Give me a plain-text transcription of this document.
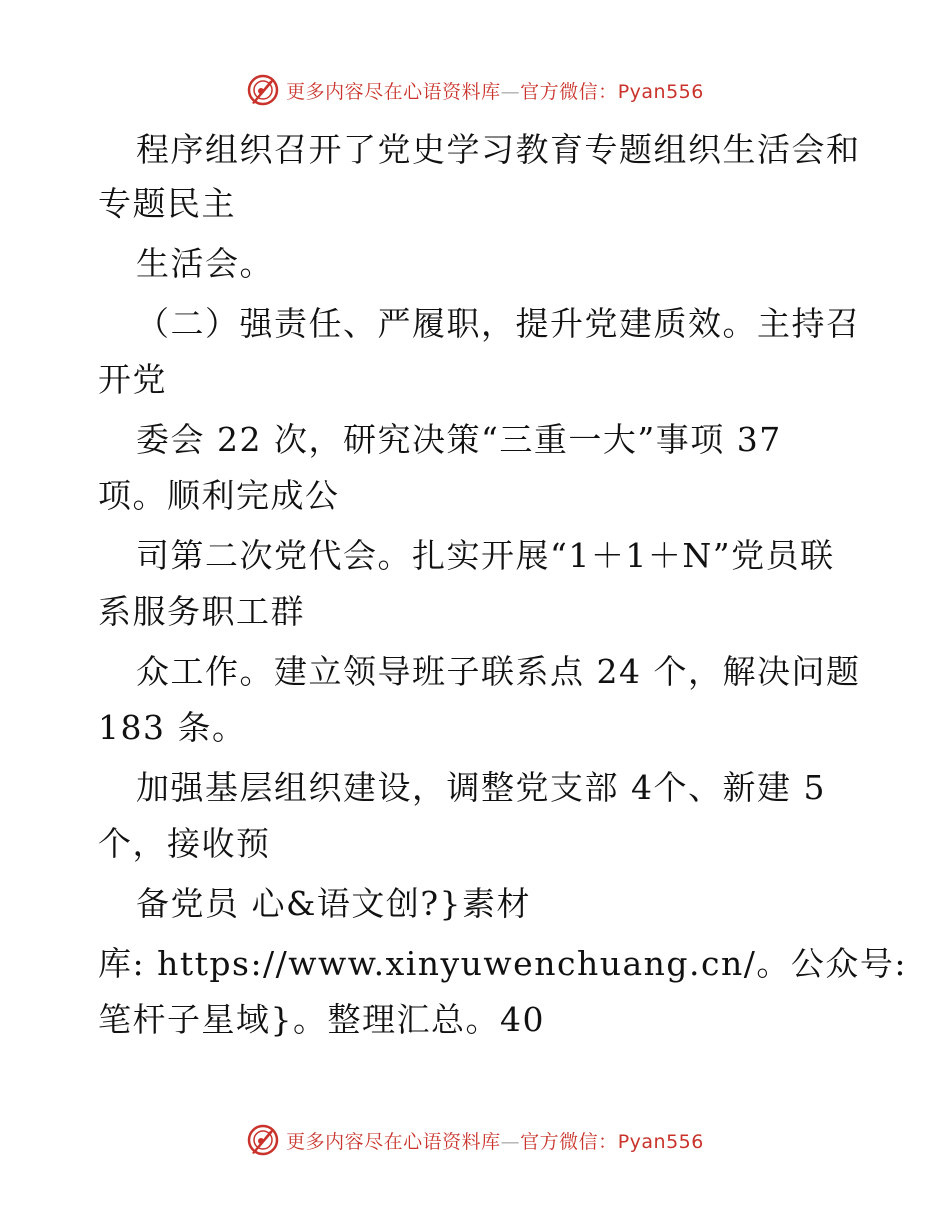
更多内容尽在心语资料库—官方微信：Pyan556
程序组织召开了党史学习教育专题组织生活会和
专题民主
生活会。
（二）强责任、严履职，提升党建质效。主持召
开党
委会 22 次，研究决策“三重一大”事项 37
项。顺利完成公
司第二次党代会。扎实开展“1＋1＋N”党员联
系服务职工群
众工作。建立领导班子联系点 24 个，解决问题
183 条。
加强基层组织建设，调整党支部 4个、新建 5
个，接收预
备党员 心&语文创?}素材
库: https://www.xinyuwenchuang.cn/。公众号:
笔杆子星域}。整理汇总。40
更多内容尽在心语资料库—官方微信：Pyan556
